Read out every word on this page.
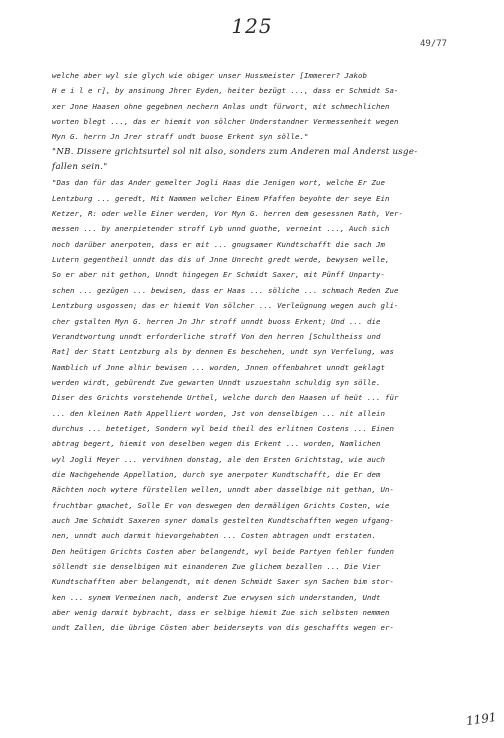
125
49/77
welche aber wyl sie glych wie obiger unser Hussmeister [Immerer? Jakob
H e i l e r], by ansinung Jhrer Eyden, heiter bezügt ..., dass er Schmidt Sa-
xer Jnne Haasen ohne gegebnen nechern Anlas undt fürwort, mit schmechlichen
worten blegt ..., das er hiemit von sölcher Understandner Vermessenheit wegen
Myn G. herrn Jn Jrer straff undt buose Erkent syn sölle."
"NB. Dissere grichtsurtel sol nit also, sonders zum Anderen mal Anderst usge-
fallen sein."
"Das dan für das Ander gemelter Jogli Haas die Jenigen wort, welche Er Zue
Lentzburg ... geredt, Mit Nammen welcher Einem Pfaffen beyohte der seye Ein
Ketzer, R: oder welle Einer werden, Vor Myn G. herren dem gesessnen Rath, Ver-
messen ... by anerpietender stroff Lyb unnd guothe, verneint ..., Auch sich
noch darüber anerpoten, dass er mit ... gnugsamer Kundtschafft die sach Jm
Lutern gegentheil unndt das dis uf Jnne Unrecht gredt werde, bewysen welle,
So er aber nit gethon, Unndt hingegen Er Schmidt Saxer, mit Pünff Unparty-
schen ... gezügen ... bewisen, dass er Haas ... söliche ... schmach Reden Zue
Lentzburg usgossen; das er hiemit Von sölcher ... Verleügnung wegen auch gli-
cher gstalten Myn G. herren Jn Jhr stroff unndt buoss Erkent; Und ... die
Verandtwortung unndt erforderliche stroff Von den herren [Schultheiss und
Rat] der Statt Lentzburg als by dennen Es beschehen, undt syn Verfelung, was
Namblich uf Jnne alhir bewisen ... worden, Jnnen offenbahret unndt geklagt
werden wirdt, gebürendt Zue gewarten Unndt uszuestahn schuldig syn sölle.
Diser des Grichts vorstehende Urthel, welche durch den Haasen uf heüt ... für
... den kleinen Rath Appelliert worden, Jst von denselbigen ... nit allein
durchus ... betetiget, Sondern wyl beid theil des erlitnen Costens ... Einen
abtrag begert, hiemit von deselben wegen dis Erkent ... worden, Namlichen
wyl Jogli Meyer ... vervihnen donstag, ale den Ersten Grichtstag, wie auch
die Nachgehende Appellation, durch sye anerpoter Kundtschafft, die Er dem
Rächten noch wytere fürstellen wellen, unndt aber dasselbige nit gethan, Un-
fruchtbar gmachet, Solle Er von deswegen den dermäligen Grichts Costen, wie
auch Jme Schmidt Saxeren syner domals gestelten Kundtschafften wegen ufgang-
nen, unndt auch darmit hievorgehabten ... Costen abtragen undt erstaten.
Den heütigen Grichts Costen aber belangendt, wyl beide Partyen fehler funden
söllendt sie denselbigen mit einanderen Zue glichem bezallen ... Die Vier
Kundtschafften aber belangendt, mit denen Schmidt Saxer syn Sachen bim stor-
ken ... synem Vermeinen nach, anderst Zue erwysen sich understanden, Undt
aber wenig darmit bybracht, dass er selbige hiemit Zue sich selbsten nemmen
undt Zallen, die übrige Cösten aber beiderseyts von dis geschaffts wegen er-
1191
